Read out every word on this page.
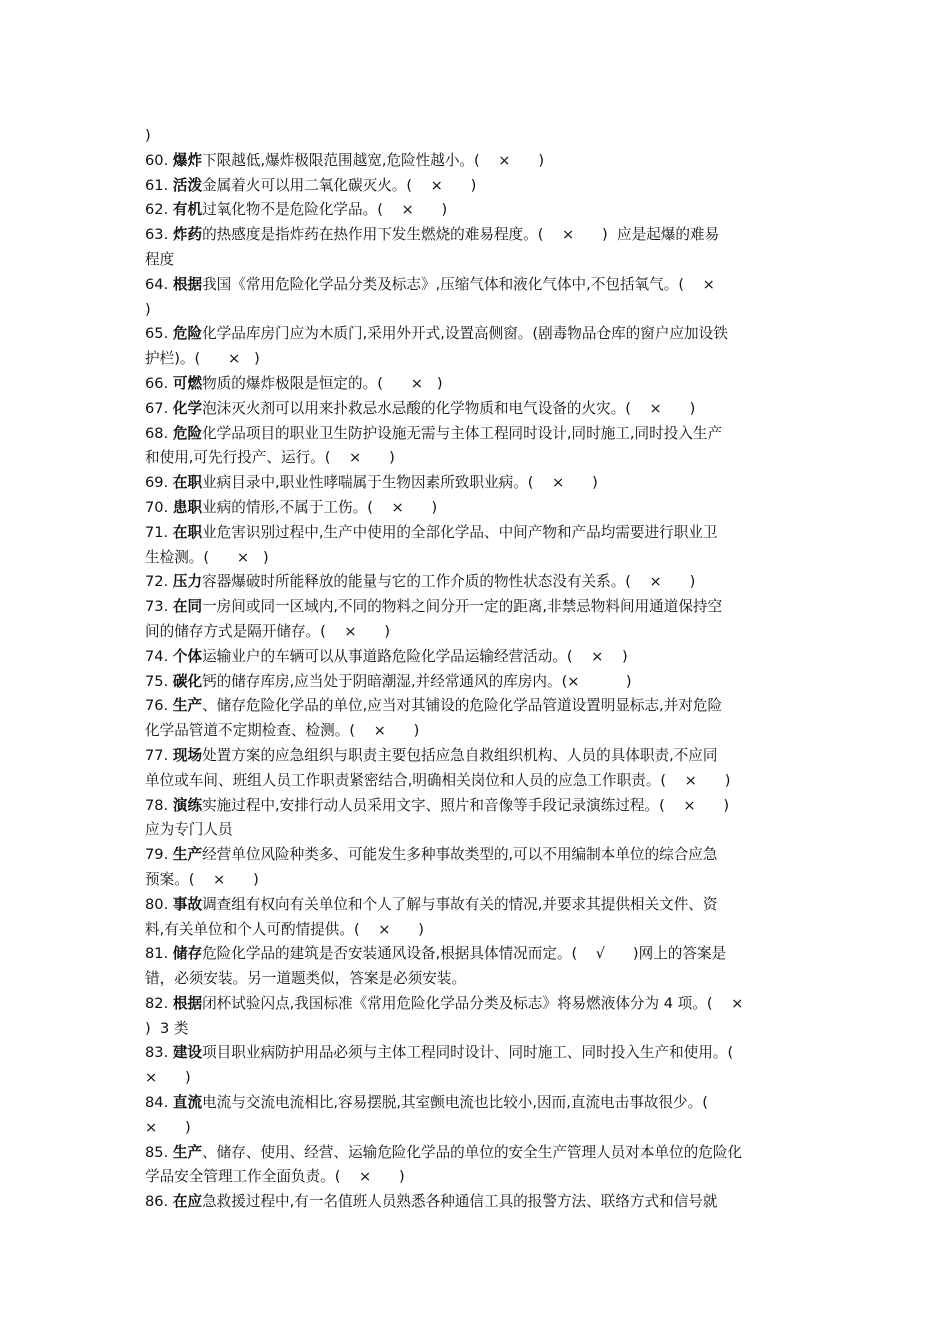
)

60. 爆炸下限越低,爆炸极限范围越宽,危险性越小。(    ×      )

61. 活泼金属着火可以用二氧化碳灭火。(    ×      )

62. 有机过氧化物不是危险化学品。(    ×      )

63. 炸药的热感度是指炸药在热作用下发生燃烧的难易程度。(    ×      )  应是起爆的难易

程度

64. 根据我国《常用危险化学品分类及标志》,压缩气体和液化气体中,不包括氧气。(    ×

)

65. 危险化学品库房门应为木质门,采用外开式,设置高侧窗。(剧毒物品仓库的窗户应加设铁

护栏)。(      ×   )

66. 可燃物质的爆炸极限是恒定的。(      ×   )

67. 化学泡沫灭火剂可以用来扑救忌水忌酸的化学物质和电气设备的火灾。(    ×      )

68. 危险化学品项目的职业卫生防护设施无需与主体工程同时设计,同时施工,同时投入生产

和使用,可先行投产、运行。(    ×      )

69. 在职业病目录中,职业性哮喘属于生物因素所致职业病。(    ×      )

70. 患职业病的情形,不属于工伤。(    ×      )

71. 在职业危害识别过程中,生产中使用的全部化学品、中间产物和产品均需要进行职业卫

生检测。(      ×   )

72. 压力容器爆破时所能释放的能量与它的工作介质的物性状态没有关系。(    ×      )

73. 在同一房间或同一区域内,不同的物料之间分开一定的距离,非禁忌物料间用通道保持空

间的储存方式是隔开储存。(    ×      )

74. 个体运输业户的车辆可以从事道路危险化学品运输经营活动。(    ×    )

75. 碳化钙的储存库房,应当处于阴暗潮湿,并经常通风的库房内。(×          )

76. 生产、储存危险化学品的单位,应当对其铺设的危险化学品管道设置明显标志,并对危险

化学品管道不定期检查、检测。(    ×      )

77. 现场处置方案的应急组织与职责主要包括应急自救组织机构、人员的具体职责,不应同

单位或车间、班组人员工作职责紧密结合,明确相关岗位和人员的应急工作职责。(    ×      )

78. 演练实施过程中,安排行动人员采用文字、照片和音像等手段记录演练过程。(    ×      )

应为专门人员

79. 生产经营单位风险种类多、可能发生多种事故类型的,可以不用编制本单位的综合应急

预案。(    ×      )

80. 事故调查组有权向有关单位和个人了解与事故有关的情况,并要求其提供相关文件、资

料,有关单位和个人可酌情提供。(    ×      )

81. 储存危险化学品的建筑是否安装通风设备,根据具体情况而定。(    √      )网上的答案是

错，必须安装。另一道题类似，答案是必须安装。

82. 根据闭杯试验闪点,我国标准《常用危险化学品分类及标志》将易燃液体分为 4 项。(    ×

)  3 类

83. 建设项目职业病防护用品必须与主体工程同时设计、同时施工、同时投入生产和使用。(

×      )

84. 直流电流与交流电流相比,容易摆脱,其室颤电流也比较小,因而,直流电击事故很少。(

×      )

85. 生产、储存、使用、经营、运输危险化学品的单位的安全生产管理人员对本单位的危险化

学品安全管理工作全面负责。(    ×      )

86. 在应急救援过程中,有一名值班人员熟悉各种通信工具的报警方法、联络方式和信号就
